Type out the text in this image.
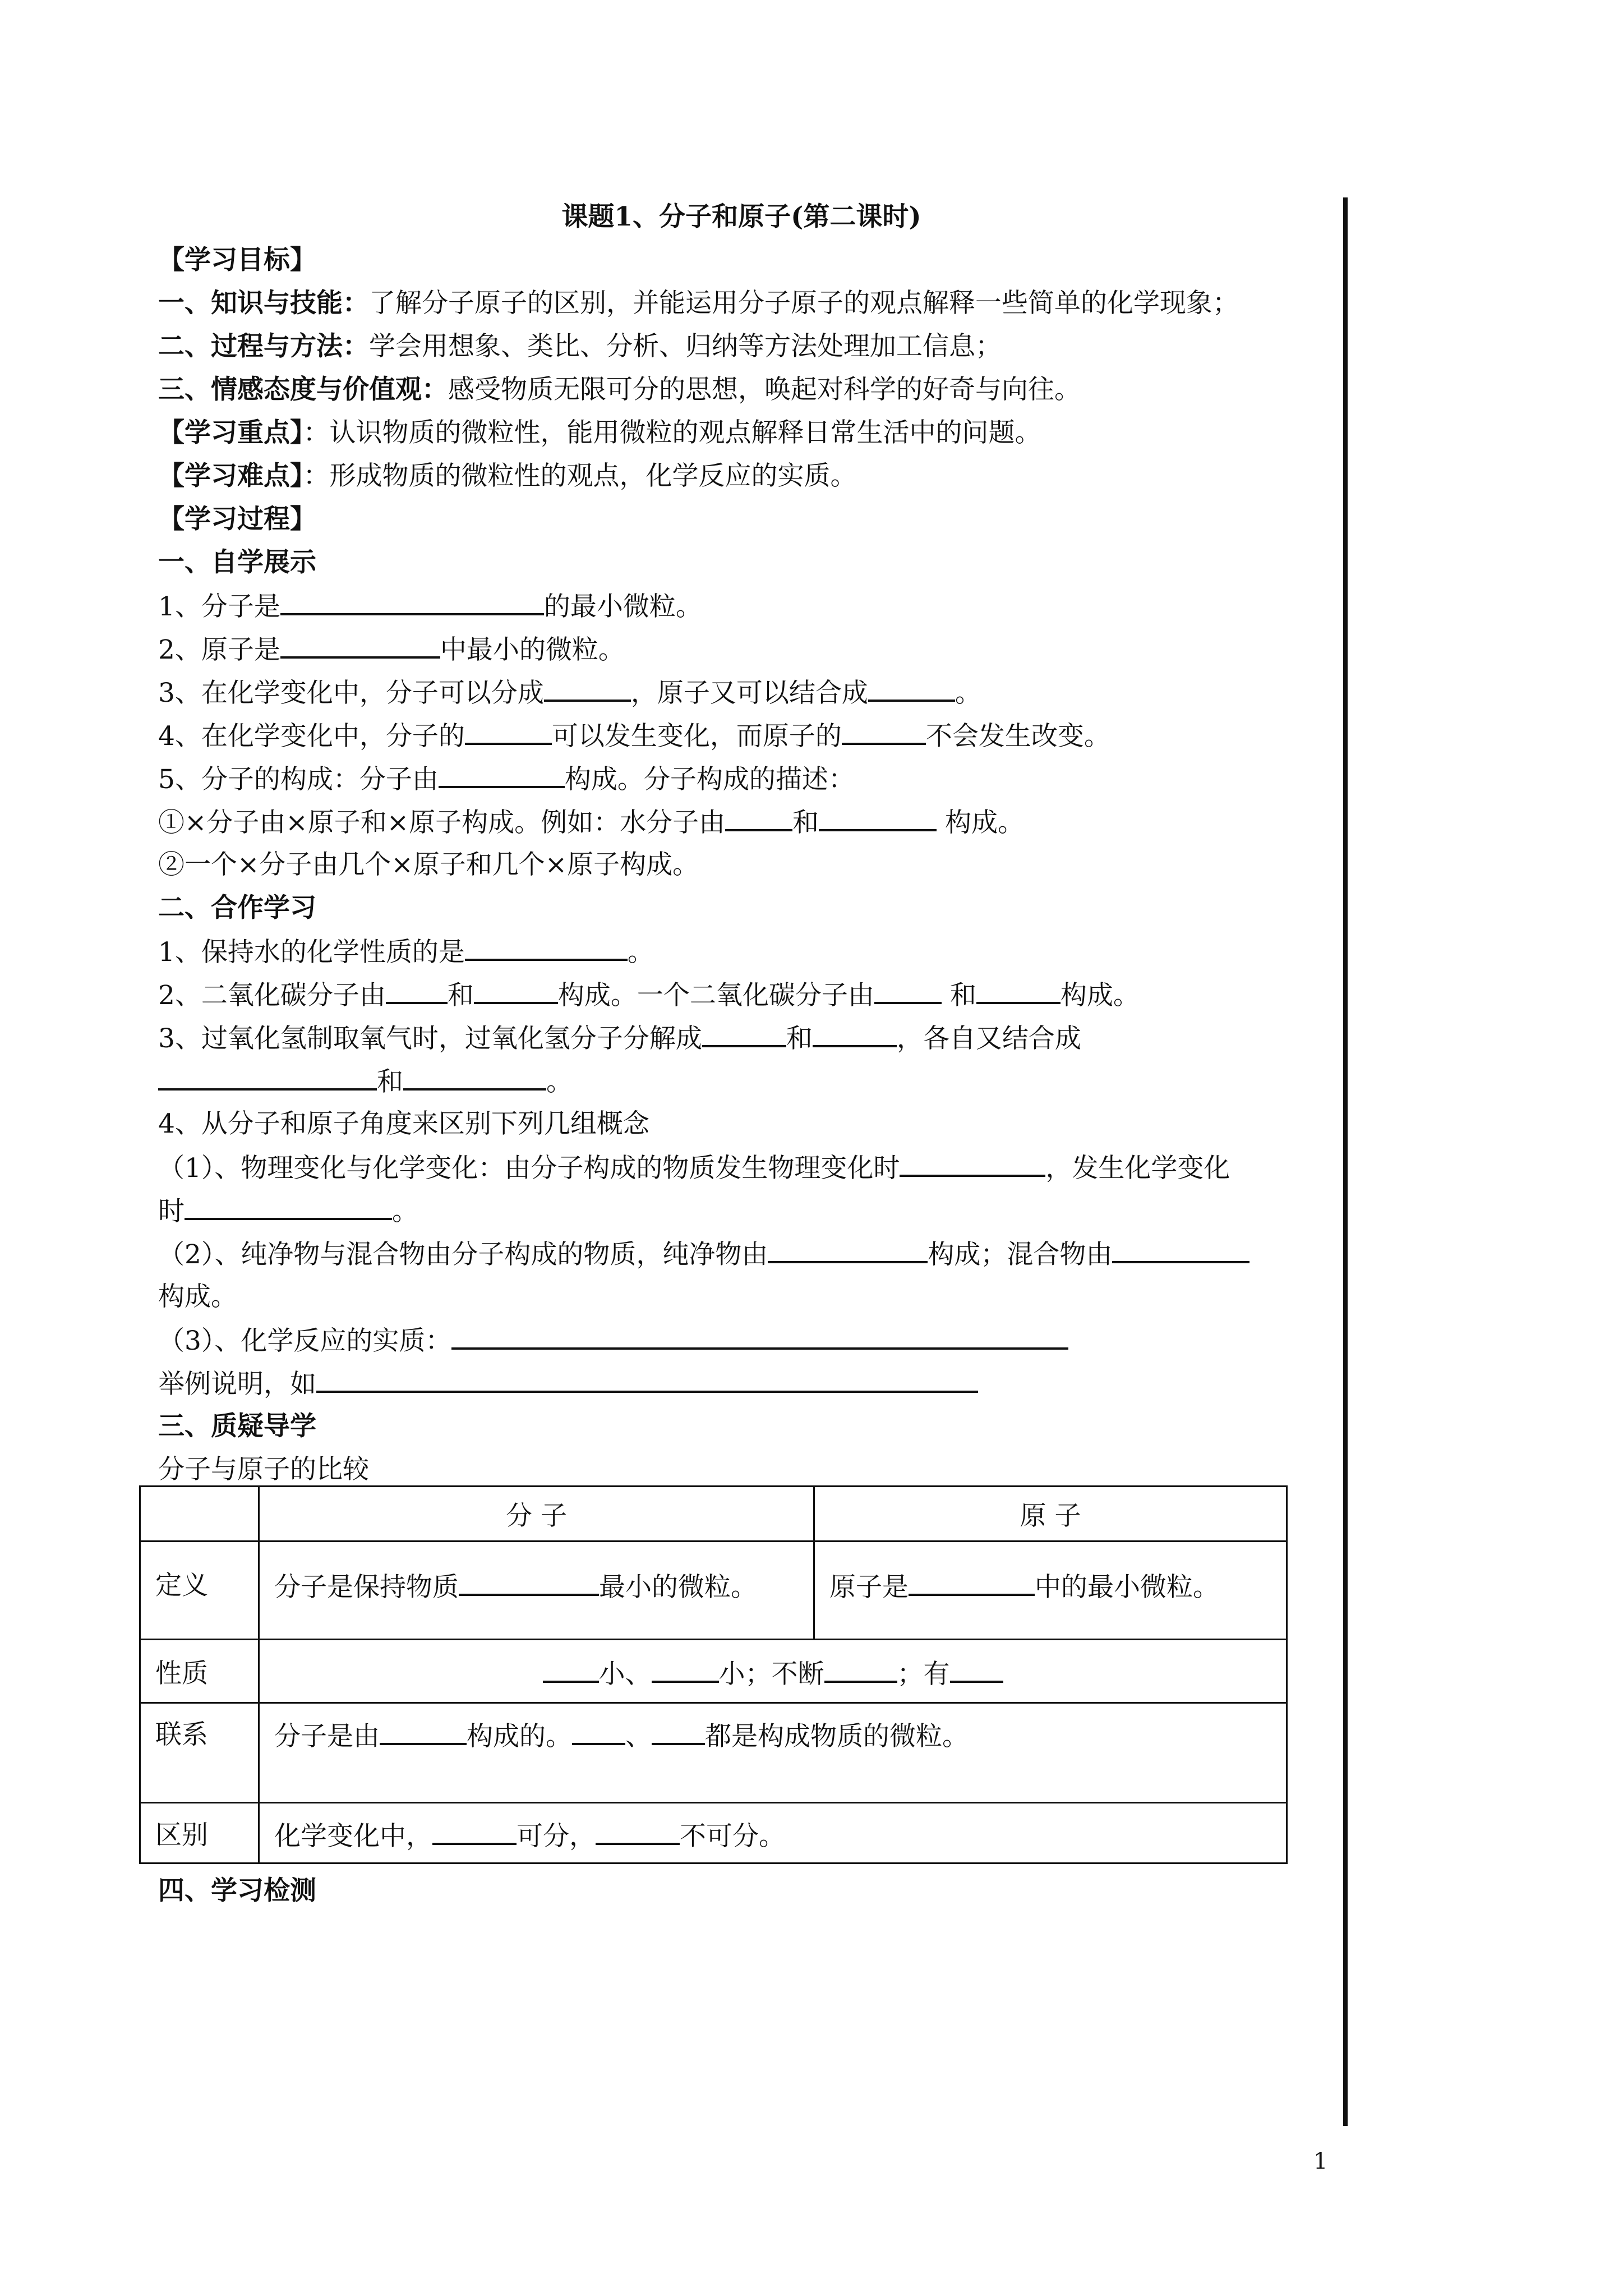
课题1、分子和原子(第二课时)
【学习目标】
一、知识与技能：了解分子原子的区别，并能运用分子原子的观点解释一些简单的化学现象；
二、过程与方法：学会用想象、类比、分析、归纳等方法处理加工信息；
三、情感态度与价值观：感受物质无限可分的思想，唤起对科学的好奇与向往。
【学习重点】：认识物质的微粒性，能用微粒的观点解释日常生活中的问题。
【学习难点】：形成物质的微粒性的观点，化学反应的实质。
【学习过程】
一、自学展示
1、分子是	的最小微粒。
2、原子是	中最小的微粒。
3、在化学变化中，分子可以分成	，原子又可以结合成	。
4、在化学变化中，分子的	可以发生变化，而原子的	不会发生改变。
5、分子的构成：分子由	构成。分子构成的描述：
①×分子由×原子和×原子构成。例如：水分子由	和	构成。
②一个×分子由几个×原子和几个×原子构成。
二、合作学习
1、保持水的化学性质的是	。
2、二氧化碳分子由 和	构成。一个二氧化碳分子由	和	构成。
3、过氧化氢制取氧气时，过氧化氢分子分解成	和	，各自又结合成
和	。
4、从分子和原子角度来区别下列几组概念
（1）、物理变化与化学变化：由分子构成的物质发生物理变化时	，发生化学变化
时	。
（2）、纯净物与混合物由分子构成的物质，纯净物由	构成；混合物由
构成。
（3）、化学反应的实质：
举例说明，如
三、质疑导学
分子与原子的比较
	分 子	原 子
定义	分子是保持物质 最小的微粒。	原子是 中的最小微粒。
性质	小、 小；不断 ；有	
联系	分子是由 构成的。 、 都是构成物质的微粒。	
区别	化学变化中， 可分， 不可分。	
四、学习检测
1
